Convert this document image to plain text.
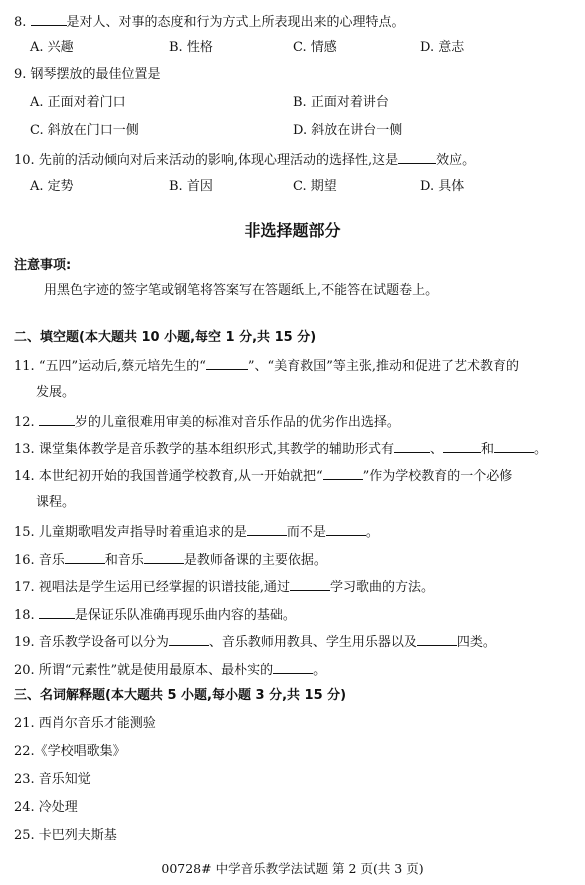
8.	是对人、对事的态度和行为方式上所表现出来的心理特点。
A. 兴趣	B. 性格	C. 情感	D. 意志
9. 钢琴摆放的最佳位置是
A. 正面对着门口	B. 正面对着讲台
C. 斜放在门口一侧	D. 斜放在讲台一侧
10. 先前的活动倾向对后来活动的影响,体现心理活动的选择性,这是	效应。
A. 定势	B. 首因	C. 期望	D. 具体
非选择题部分
注意事项:
用黑色字迹的签字笔或钢笔将答案写在答题纸上,不能答在试题卷上。
二、填空题(本大题共 10 小题,每空 1 分,共 15 分)
11. “五四”运动后,蔡元培先生的“	”、“美育救国”等主张,推动和促进了艺术教育的
发展。
12.	岁的儿童很难用审美的标准对音乐作品的优劣作出选择。
13. 课堂集体教学是音乐教学的基本组织形式,其教学的辅助形式有	、	和	。
14. 本世纪初开始的我国普通学校教育,从一开始就把“	”作为学校教育的一个必修
课程。
15. 儿童期歌唱发声指导时着重追求的是	而不是	。
16. 音乐	和音乐	是教师备课的主要依据。
17. 视唱法是学生运用已经掌握的识谱技能,通过	学习歌曲的方法。
18.	是保证乐队准确再现乐曲内容的基础。
19. 音乐教学设备可以分为	、音乐教师用教具、学生用乐器以及	四类。
20. 所谓“元素性”就是使用最原本、最朴实的	。
三、名词解释题(本大题共 5 小题,每小题 3 分,共 15 分)
21. 西肖尔音乐才能测验
22.《学校唱歌集》
23. 音乐知觉
24. 冷处理
25. 卡巴列夫斯基
00728# 中学音乐教学法试题 第 2 页(共 3 页)
